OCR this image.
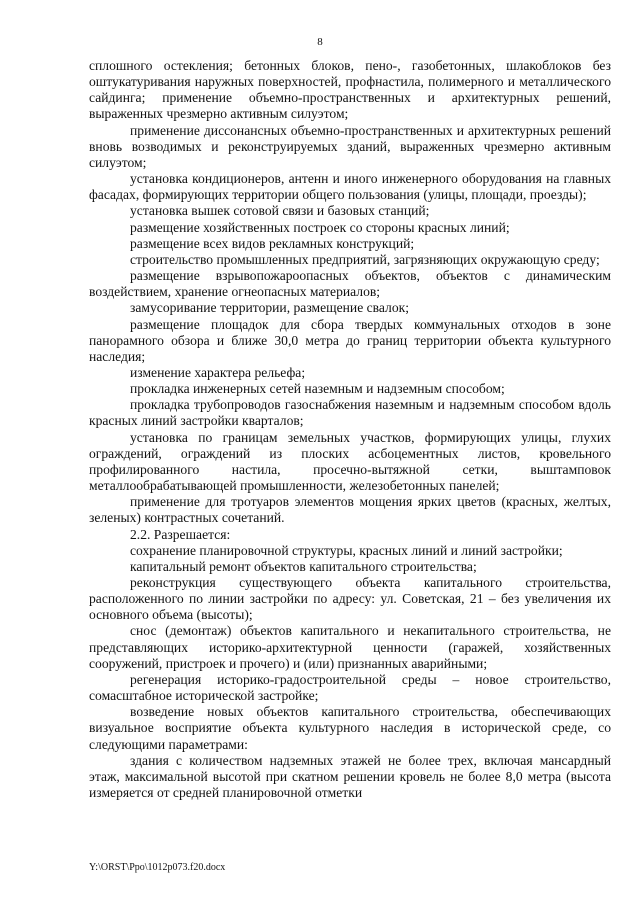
8

сплошного остекления; бетонных блоков, пено-, газобетонных, шлакоблоков без оштукатуривания наружных поверхностей, профнастила, полимерного и металлического сайдинга; применение объемно-пространственных и архитектурных решений, выраженных чрезмерно активным силуэтом;

применение диссонансных объемно-пространственных и архитектурных решений вновь возводимых и реконструируемых зданий, выраженных чрезмерно активным силуэтом;

установка кондиционеров, антенн и иного инженерного оборудования на главных фасадах, формирующих территории общего пользования (улицы, площади, проезды);

установка вышек сотовой связи и базовых станций;

размещение хозяйственных построек со стороны красных линий;

размещение всех видов рекламных конструкций;

строительство промышленных предприятий, загрязняющих окружающую среду;

размещение взрывопожароопасных объектов, объектов с динамическим воздействием, хранение огнеопасных материалов;

замусоривание территории, размещение свалок;

размещение площадок для сбора твердых коммунальных отходов в зоне панорамного обзора и ближе 30,0 метра до границ территории объекта культурного наследия;

изменение характера рельефа;

прокладка инженерных сетей наземным и надземным способом;

прокладка трубопроводов газоснабжения наземным и надземным способом вдоль красных линий застройки кварталов;

установка по границам земельных участков, формирующих улицы, глухих ограждений, ограждений из плоских асбоцементных листов, кровельного профилированного настила, просечно-вытяжной сетки, выштамповок металлообрабатывающей промышленности, железобетонных панелей;

применение для тротуаров элементов мощения ярких цветов (красных, желтых, зеленых) контрастных сочетаний.

2.2. Разрешается:

сохранение планировочной структуры, красных линий и линий застройки;

капитальный ремонт объектов капитального строительства;

реконструкция существующего объекта капитального строительства, расположенного по линии застройки по адресу: ул. Советская, 21 – без увеличения их основного объема (высоты);

снос (демонтаж) объектов капитального и некапитального строительства, не представляющих историко-архитектурной ценности (гаражей, хозяйственных сооружений, пристроек и прочего) и (или) признанных аварийными;

регенерация историко-градостроительной среды – новое строительство, сомасштабное исторической застройке;

возведение новых объектов капитального строительства, обеспечивающих визуальное восприятие объекта культурного наследия в исторической среде, со следующими параметрами:

здания с количеством надземных этажей не более трех, включая мансардный этаж, максимальной высотой при скатном решении кровель не более 8,0 метра (высота измеряется от средней планировочной отметки

Y:\ORST\Ppo\1012p073.f20.docx
